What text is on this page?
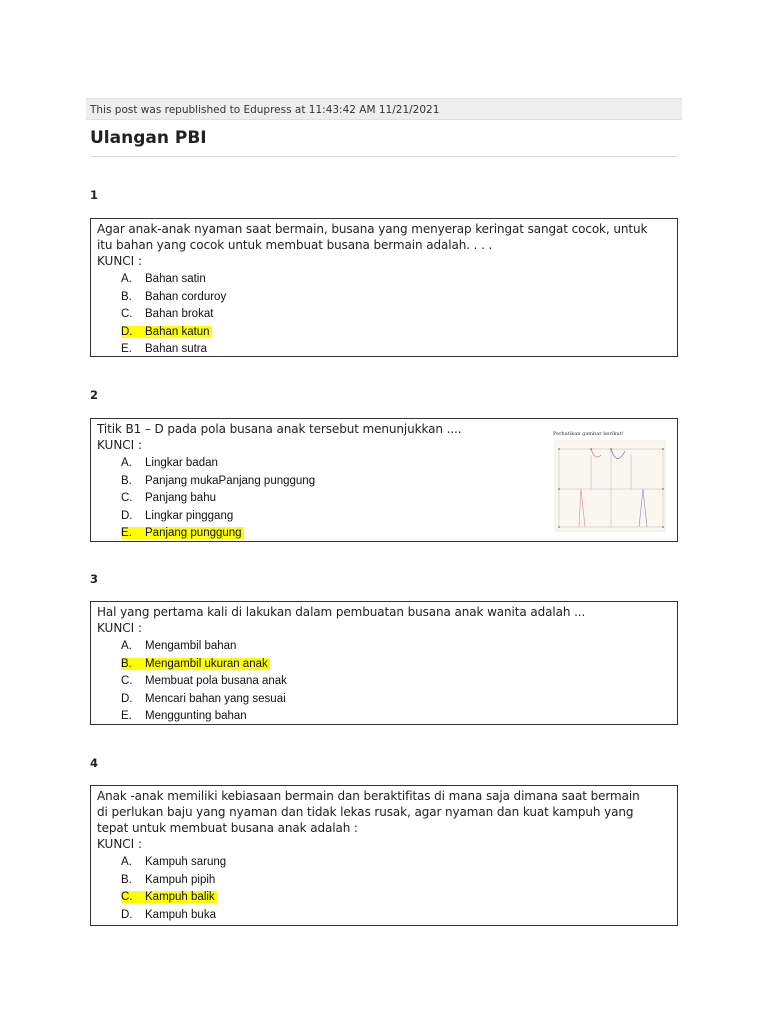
This post was republished to Edupress at 11:43:42 AM 11/21/2021
Ulangan PBI
1
Agar anak-anak nyaman saat bermain, busana yang menyerap keringat sangat cocok, untuk
itu bahan yang cocok untuk membuat busana bermain adalah. . . .
KUNCI :
A. Bahan satin
B. Bahan corduroy
C. Bahan brokat
D. Bahan katun
E. Bahan sutra
2
Titik B1 – D pada pola busana anak tersebut menunjukkan ....
KUNCI :
A. Lingkar badan
B. Panjang mukaPanjang punggung
C. Panjang bahu
D. Lingkar pinggang
E. Panjang punggung
Perhatikan gambar berikut!
3
Hal yang pertama kali di lakukan dalam pembuatan busana anak wanita adalah ...
KUNCI :
A. Mengambil bahan
B. Mengambil ukuran anak
C. Membuat pola busana anak
D. Mencari bahan yang sesuai
E. Menggunting bahan
4
Anak -anak memiliki kebiasaan bermain dan beraktifitas di mana saja dimana saat bermain
di perlukan baju yang nyaman dan tidak lekas rusak, agar nyaman dan kuat kampuh yang
tepat untuk membuat busana anak adalah :
KUNCI :
A. Kampuh sarung
B. Kampuh pipih
C. Kampuh balik
D. Kampuh buka
